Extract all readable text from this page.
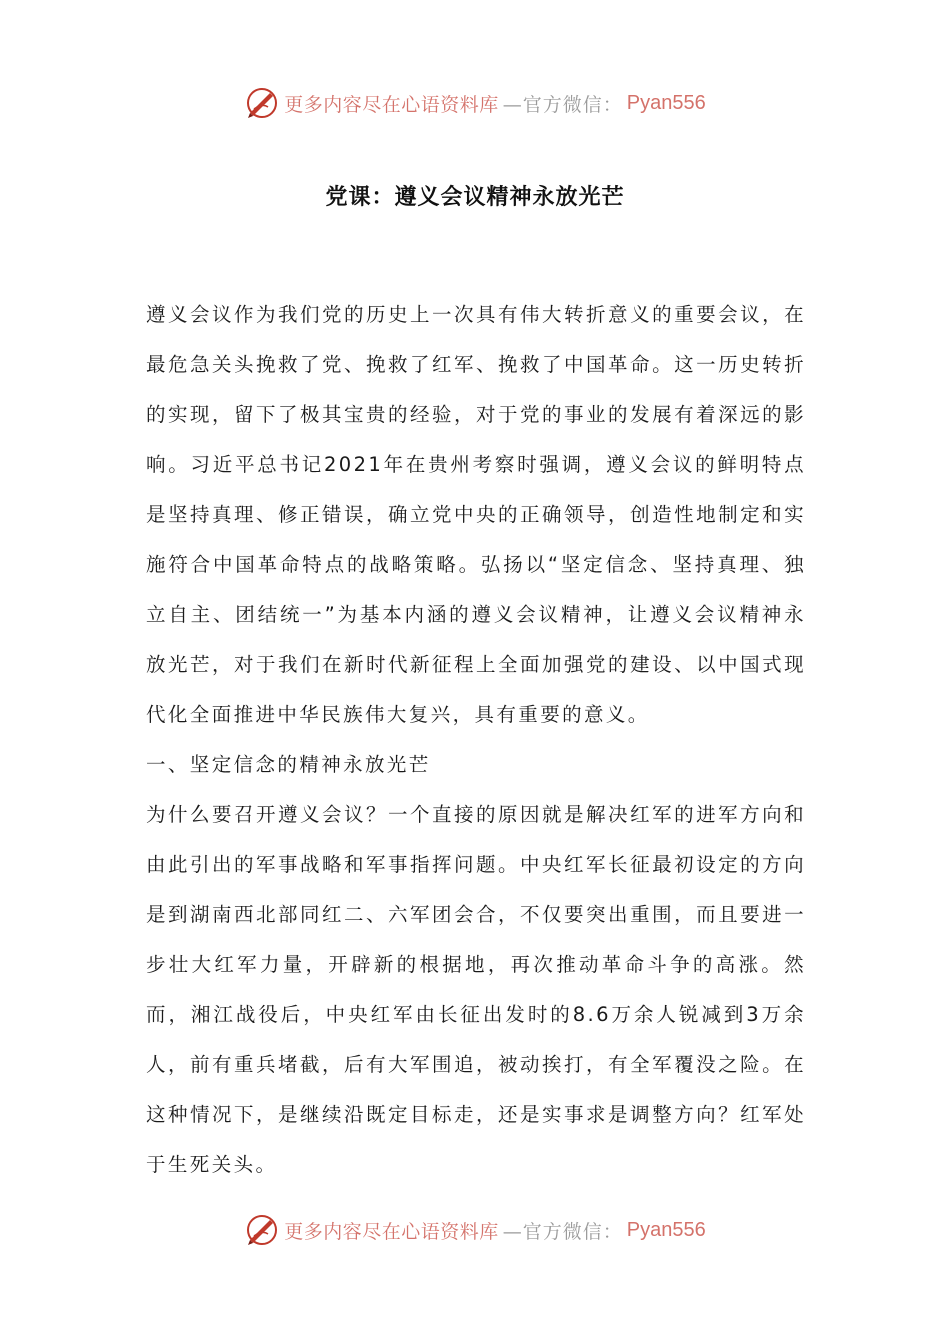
更多内容尽在心语资料库 —官方微信： Pyan556
党课：遵义会议精神永放光芒

遵义会议作为我们党的历史上一次具有伟大转折意义的重要会议，在最危急关头挽救了党、挽救了红军、挽救了中国革命。这一历史转折的实现，留下了极其宝贵的经验，对于党的事业的发展有着深远的影响。习近平总书记2021年在贵州考察时强调，遵义会议的鲜明特点是坚持真理、修正错误，确立党中央的正确领导，创造性地制定和实施符合中国革命特点的战略策略。弘扬以“坚定信念、坚持真理、独立自主、团结统一”为基本内涵的遵义会议精神，让遵义会议精神永放光芒，对于我们在新时代新征程上全面加强党的建设、以中国式现代化全面推进中华民族伟大复兴，具有重要的意义。

一、坚定信念的精神永放光芒

为什么要召开遵义会议？一个直接的原因就是解决红军的进军方向和由此引出的军事战略和军事指挥问题。中央红军长征最初设定的方向是到湖南西北部同红二、六军团会合，不仅要突出重围，而且要进一步壮大红军力量，开辟新的根据地，再次推动革命斗争的高涨。然而，湘江战役后，中央红军由长征出发时的8.6万余人锐减到3万余人，前有重兵堵截，后有大军围追，被动挨打，有全军覆没之险。在这种情况下，是继续沿既定目标走，还是实事求是调整方向？红军处于生死关头。

更多内容尽在心语资料库 —官方微信： Pyan556
